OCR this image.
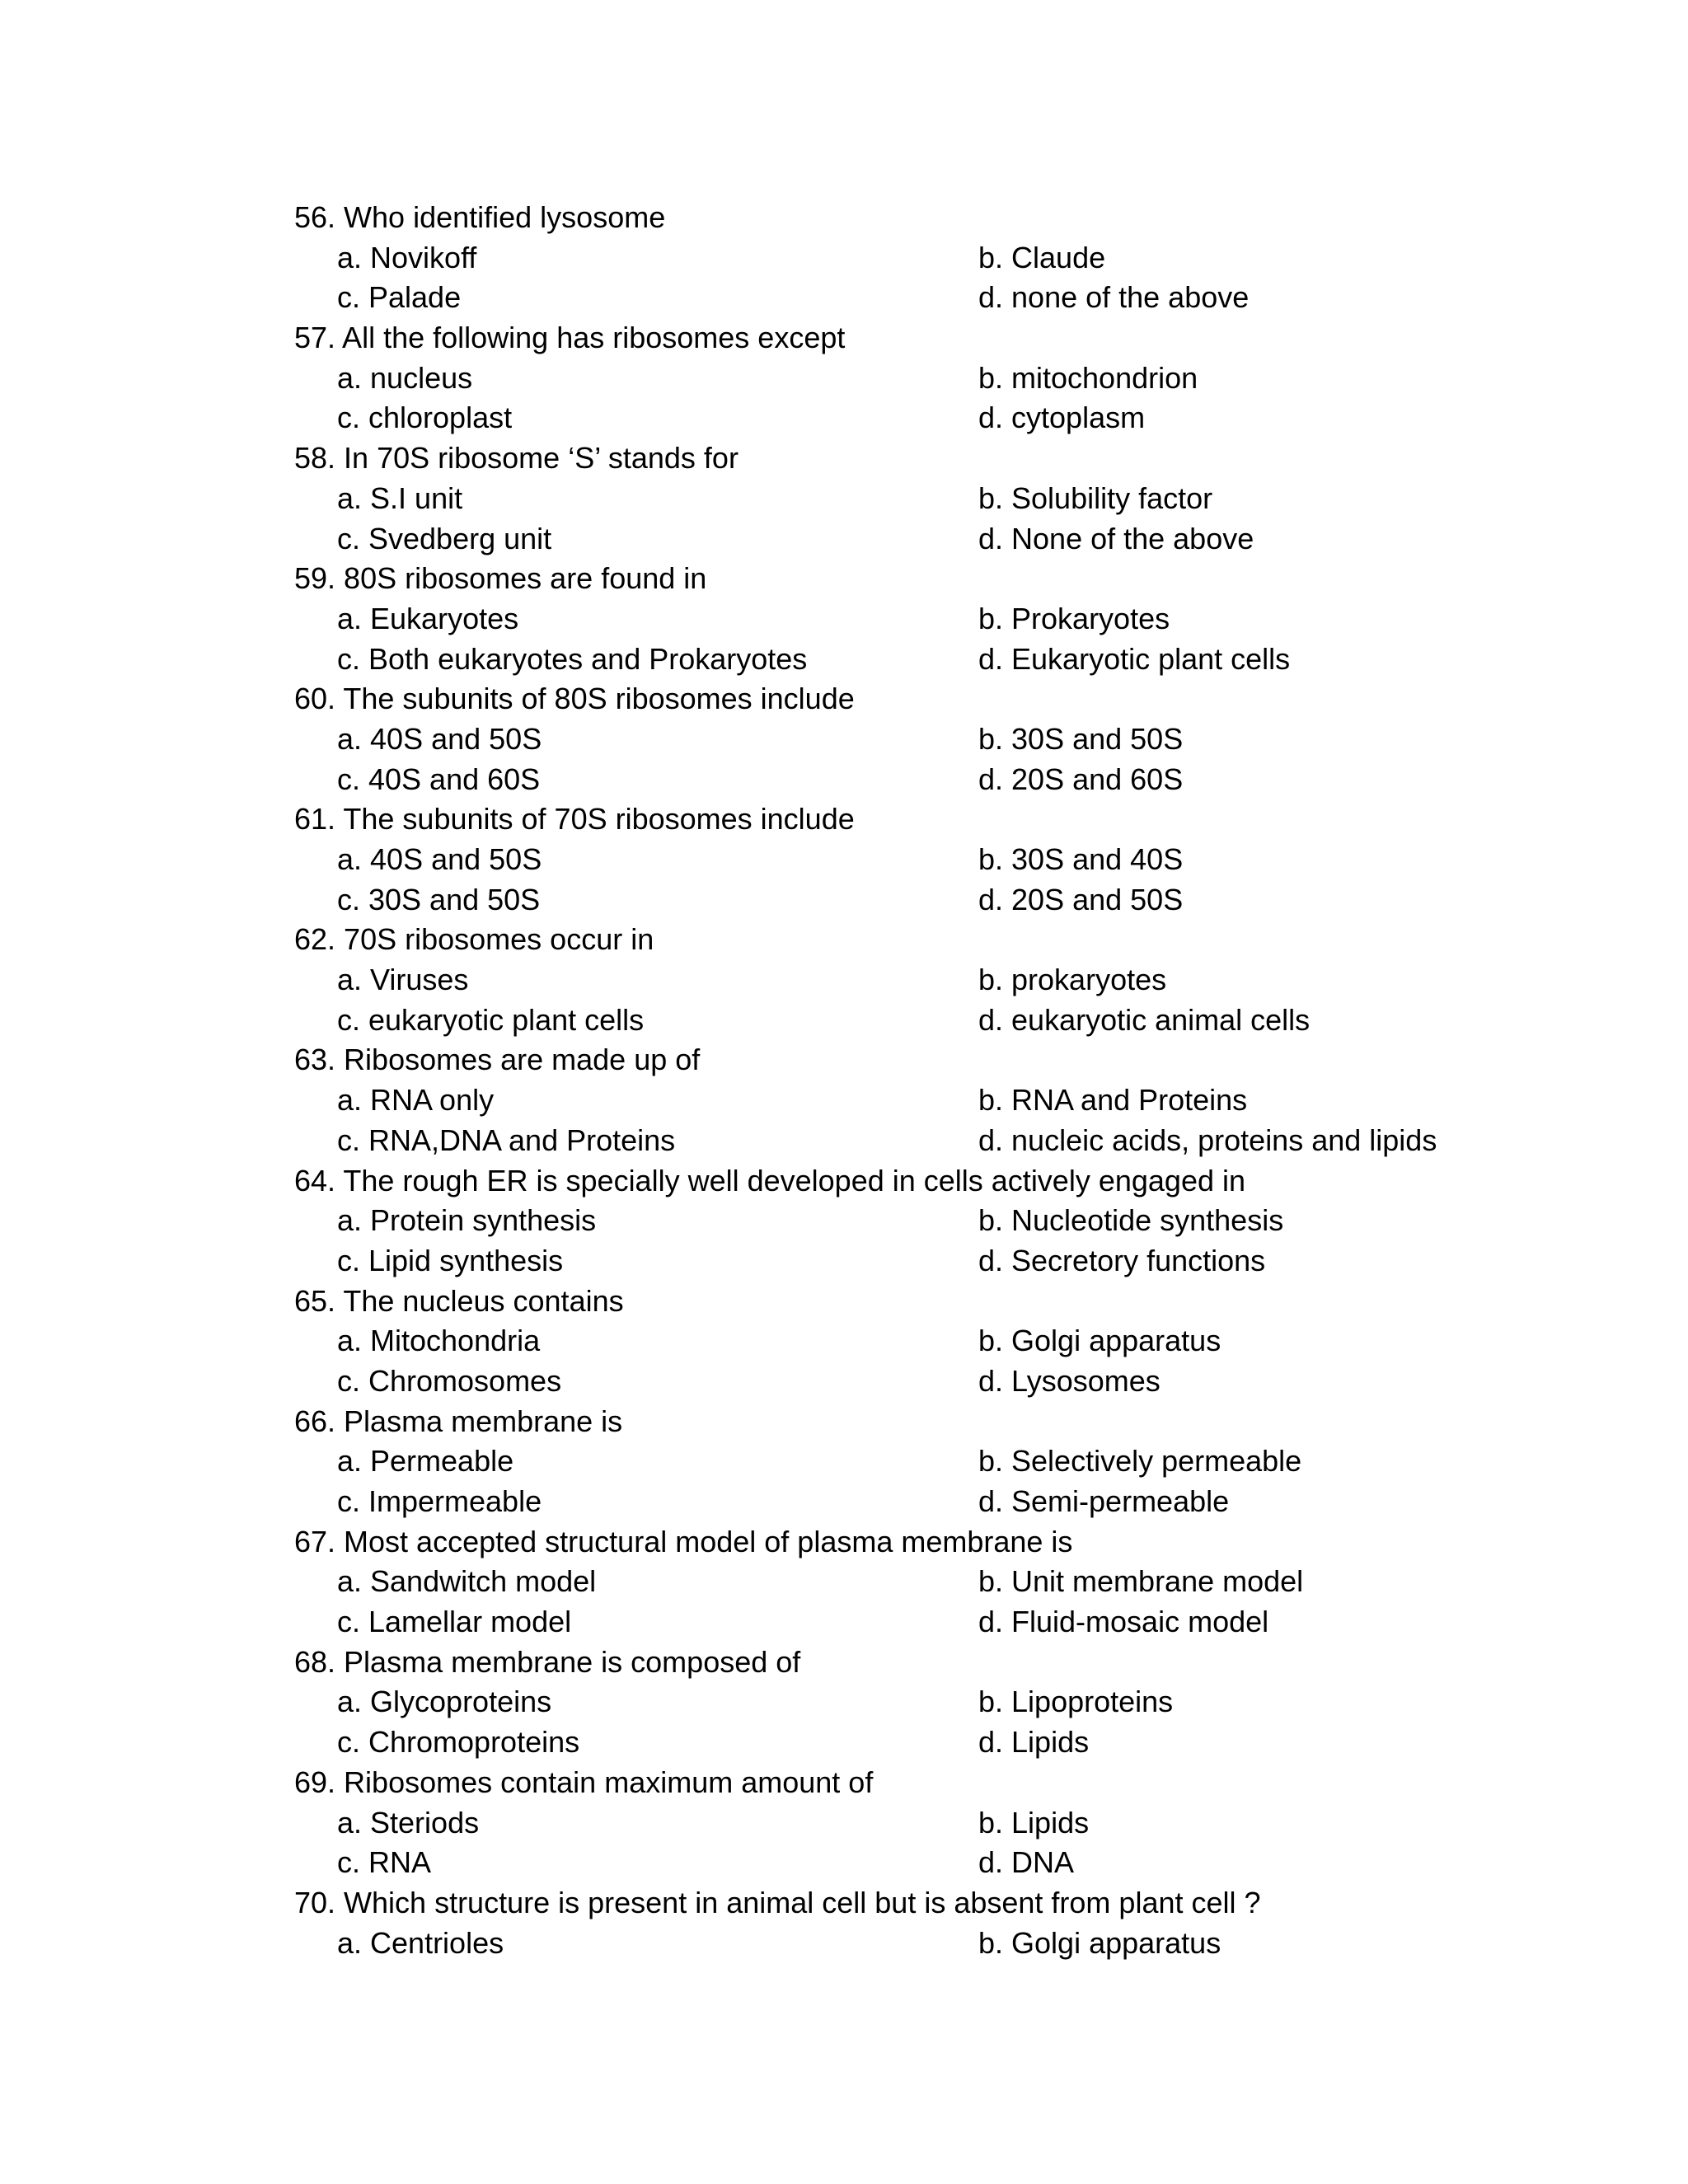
56. Who identified lysosome
a. Novikoff	b. Claude
c. Palade	d. none of the above
57. All the following has ribosomes except
a. nucleus	b. mitochondrion
c. chloroplast	d. cytoplasm
58. In 70S ribosome ‘S’ stands for
a. S.I unit	b. Solubility factor
c. Svedberg unit	d. None of the above
59. 80S ribosomes are found in
a. Eukaryotes	b. Prokaryotes
c. Both eukaryotes and Prokaryotes	d. Eukaryotic plant cells
60. The subunits of 80S ribosomes include
a. 40S and 50S	b. 30S and 50S
c. 40S and 60S	d. 20S and 60S
61. The subunits of 70S ribosomes include
a. 40S and 50S	b. 30S and 40S
c. 30S and 50S	d. 20S and 50S
62. 70S ribosomes occur in
a. Viruses	b. prokaryotes
c. eukaryotic plant cells	d. eukaryotic animal cells
63. Ribosomes are made up of
a. RNA only	b. RNA and Proteins
c. RNA,DNA and Proteins	d. nucleic acids, proteins and lipids
64. The rough ER is specially well developed in cells actively engaged in
a. Protein synthesis	b. Nucleotide synthesis
c. Lipid synthesis	d. Secretory functions
65. The nucleus contains
a. Mitochondria	b. Golgi apparatus
c. Chromosomes	d. Lysosomes
66. Plasma membrane is
a. Permeable	b. Selectively permeable
c. Impermeable	d. Semi-permeable
67. Most accepted structural model of plasma membrane is
a. Sandwitch model	b. Unit membrane model
c. Lamellar model	d. Fluid-mosaic model
68. Plasma membrane is composed of
a. Glycoproteins	b. Lipoproteins
c. Chromoproteins	d. Lipids
69. Ribosomes contain maximum amount of
a. Steriods	b. Lipids
c. RNA	d. DNA
70. Which structure is present in animal cell but is absent from plant cell ?
a. Centrioles	b. Golgi apparatus
